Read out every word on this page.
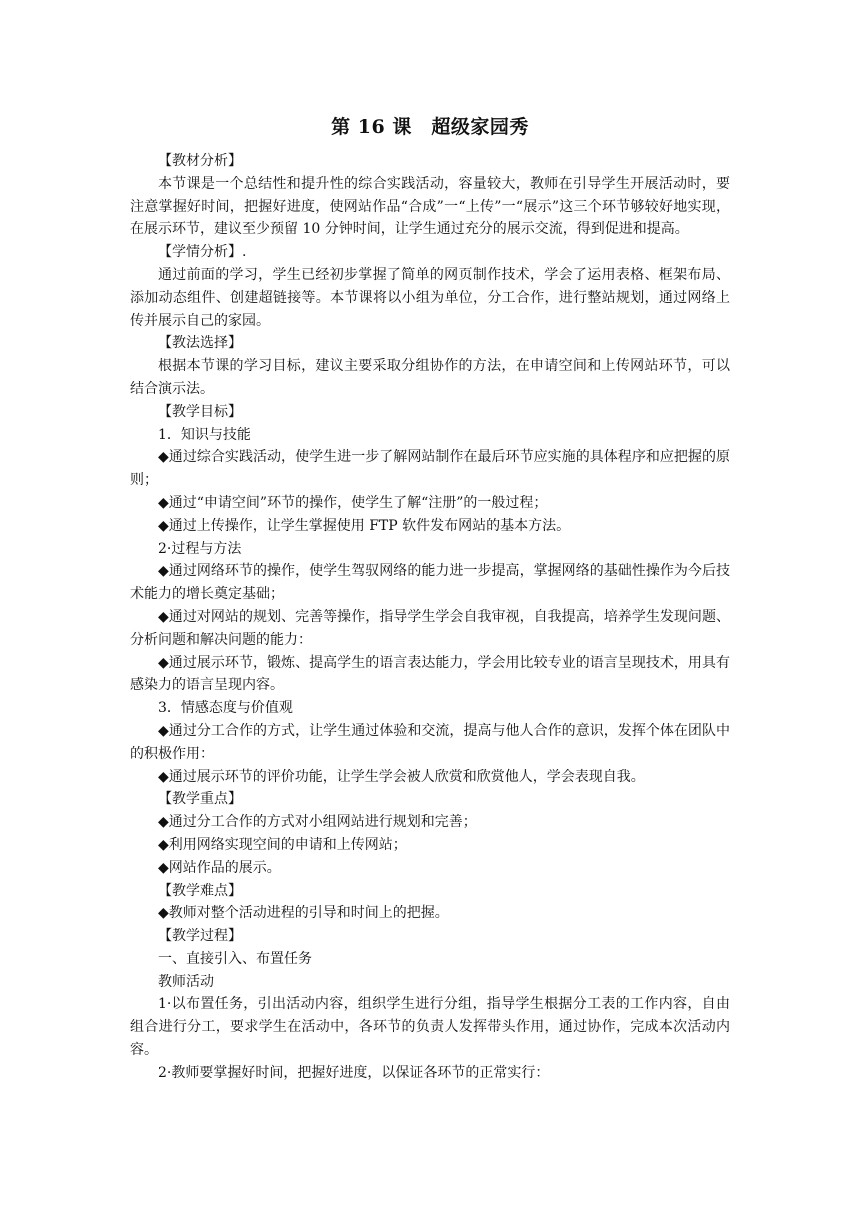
第 16 课　超级家园秀

【教材分析】

本节课是一个总结性和提升性的综合实践活动，容量较大，教师在引导学生开展活动时，要注意掌握好时间，把握好进度，使网站作品“合成”一“上传”一“展示”这三个环节够较好地实现，在展示环节，建议至少预留 10 分钟时间，让学生通过充分的展示交流，得到促进和提高。

【学情分析】.

通过前面的学习，学生已经初步掌握了简单的网页制作技术，学会了运用表格、框架布局、添加动态组件、创建超链接等。本节课将以小组为单位，分工合作，进行整站规划，通过网络上传并展示自己的家园。

【教法选择】

根据本节课的学习目标，建议主要采取分组协作的方法，在申请空间和上传网站环节，可以结合演示法。

【教学目标】

1．知识与技能

◆通过综合实践活动，使学生进一步了解网站制作在最后环节应实施的具体程序和应把握的原则；

◆通过“申请空间”环节的操作，使学生了解“注册”的一般过程；

◆通过上传操作，让学生掌握使用 FTP 软件发布网站的基本方法。

2·过程与方法

◆通过网络环节的操作，使学生驾驭网络的能力进一步提高，掌握网络的基础性操作为今后技术能力的增长奠定基础；

◆通过对网站的规划、完善等操作，指导学生学会自我审视，自我提高，培养学生发现问题、分析问题和解决问题的能力：

◆通过展示环节，锻炼、提高学生的语言表达能力，学会用比较专业的语言呈现技术，用具有感染力的语言呈现内容。

3．情感态度与价值观

◆通过分工合作的方式，让学生通过体验和交流，提高与他人合作的意识，发挥个体在团队中的积极作用：

◆通过展示环节的评价功能，让学生学会被人欣赏和欣赏他人，学会表现自我。

【教学重点】

◆通过分工合作的方式对小组网站进行规划和完善；

◆利用网络实现空间的申请和上传网站；

◆网站作品的展示。

【教学难点】

◆教师对整个活动进程的引导和时间上的把握。

【教学过程】

一、直接引入、布置任务

教师活动

1·以布置任务，引出活动内容，组织学生进行分组，指导学生根据分工表的工作内容，自由组合进行分工，要求学生在活动中，各环节的负责人发挥带头作用，通过协作，完成本次活动内容。

2·教师要掌握好时间，把握好进度，以保证各环节的正常实行：
